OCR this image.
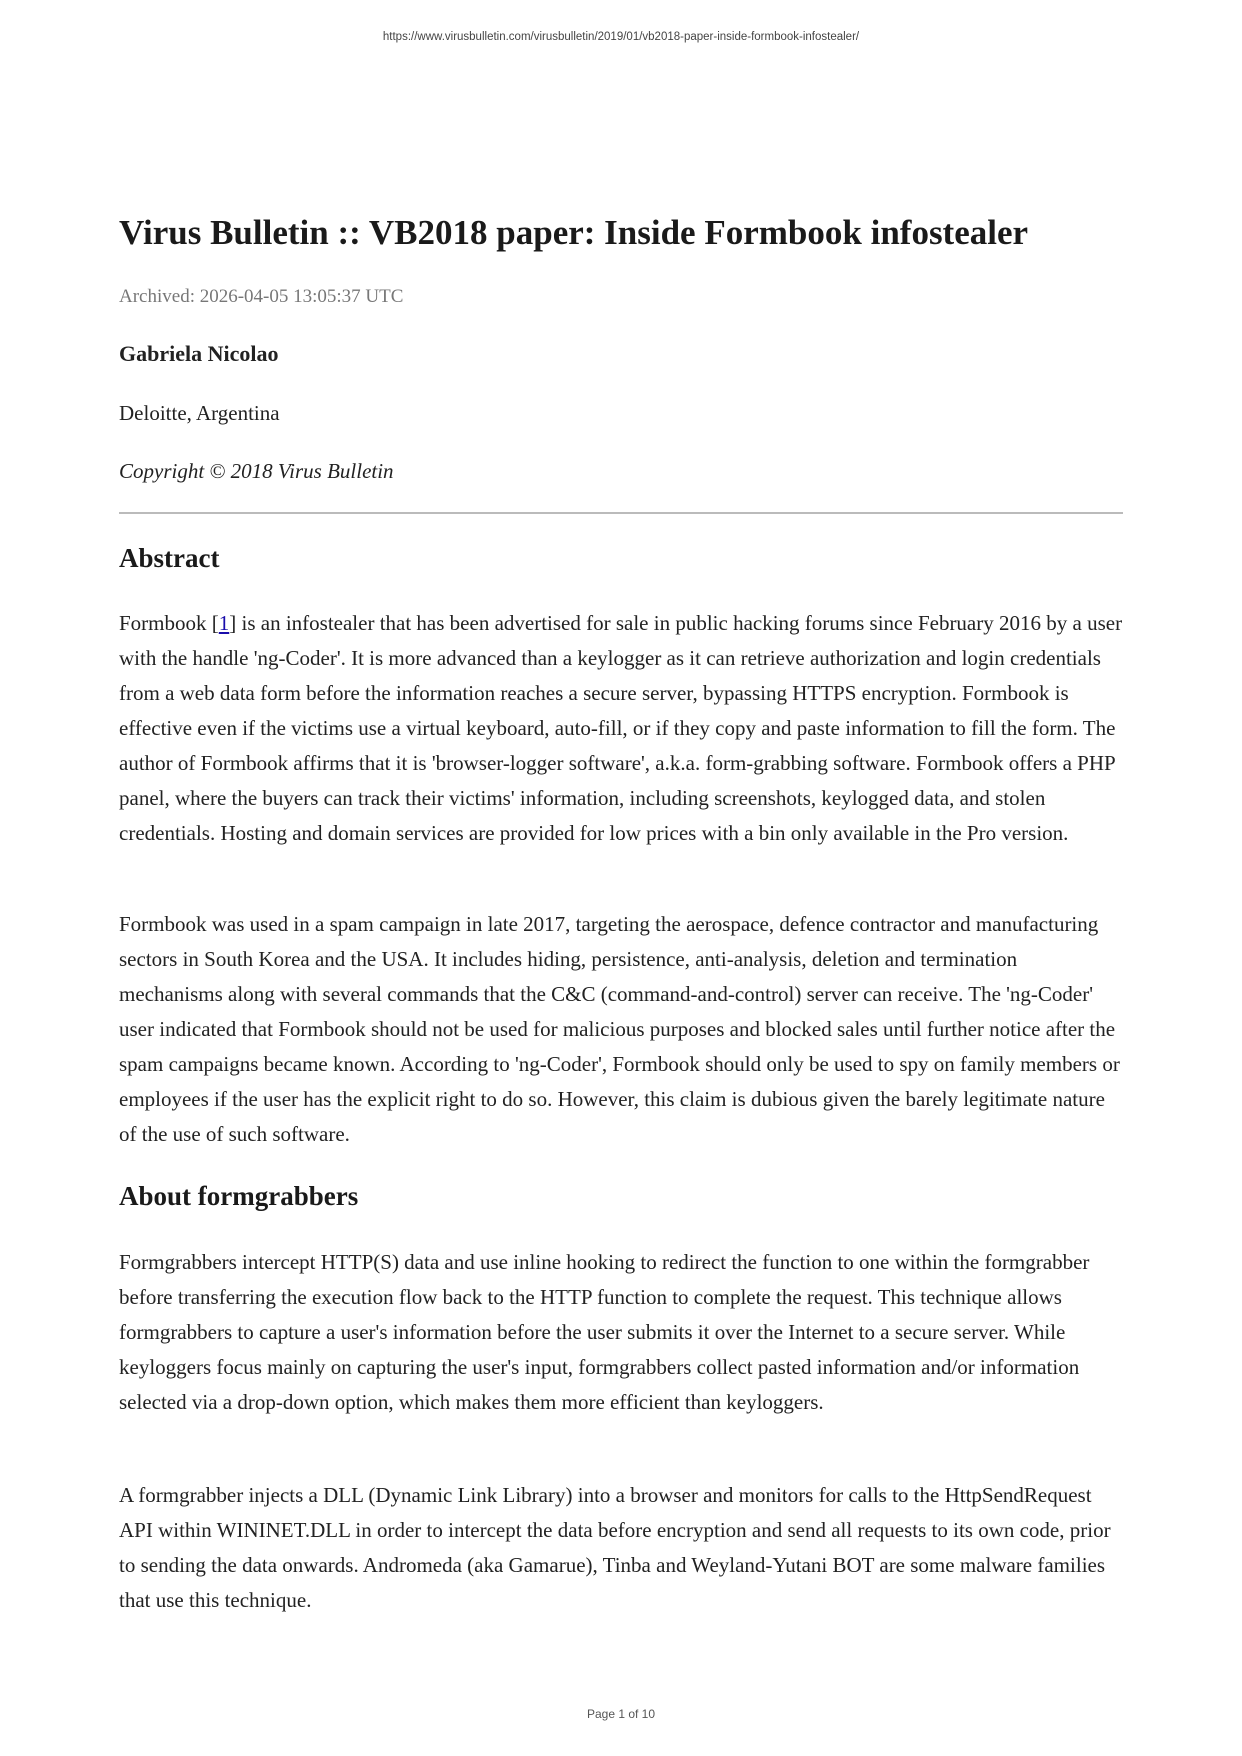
https://www.virusbulletin.com/virusbulletin/2019/01/vb2018-paper-inside-formbook-infostealer/
Virus Bulletin :: VB2018 paper: Inside Formbook infostealer
Archived: 2026-04-05 13:05:37 UTC
Gabriela Nicolao
Deloitte, Argentina
Copyright © 2018 Virus Bulletin
Abstract

Formbook [1] is an infostealer that has been advertised for sale in public hacking forums since February 2016 by a user with the handle 'ng-Coder'. It is more advanced than a keylogger as it can retrieve authorization and login credentials from a web data form before the information reaches a secure server, bypassing HTTPS encryption. Formbook is effective even if the victims use a virtual keyboard, auto-fill, or if they copy and paste information to fill the form. The author of Formbook affirms that it is 'browser-logger software', a.k.a. form-grabbing software. Formbook offers a PHP panel, where the buyers can track their victims' information, including screenshots, keylogged data, and stolen credentials. Hosting and domain services are provided for low prices with a bin only available in the Pro version.

Formbook was used in a spam campaign in late 2017, targeting the aerospace, defence contractor and manufacturing sectors in South Korea and the USA. It includes hiding, persistence, anti-analysis, deletion and termination mechanisms along with several commands that the C&C (command-and-control) server can receive. The 'ng-Coder' user indicated that Formbook should not be used for malicious purposes and blocked sales until further notice after the spam campaigns became known. According to 'ng-Coder', Formbook should only be used to spy on family members or employees if the user has the explicit right to do so. However, this claim is dubious given the barely legitimate nature of the use of such software.

About formgrabbers

Formgrabbers intercept HTTP(S) data and use inline hooking to redirect the function to one within the formgrabber before transferring the execution flow back to the HTTP function to complete the request. This technique allows formgrabbers to capture a user's information before the user submits it over the Internet to a secure server. While keyloggers focus mainly on capturing the user's input, formgrabbers collect pasted information and/or information selected via a drop-down option, which makes them more efficient than keyloggers.

A formgrabber injects a DLL (Dynamic Link Library) into a browser and monitors for calls to the HttpSendRequest API within WININET.DLL in order to intercept the data before encryption and send all requests to its own code, prior to sending the data onwards. Andromeda (aka Gamarue), Tinba and Weyland-Yutani BOT are some malware families that use this technique.

Page 1 of 10
